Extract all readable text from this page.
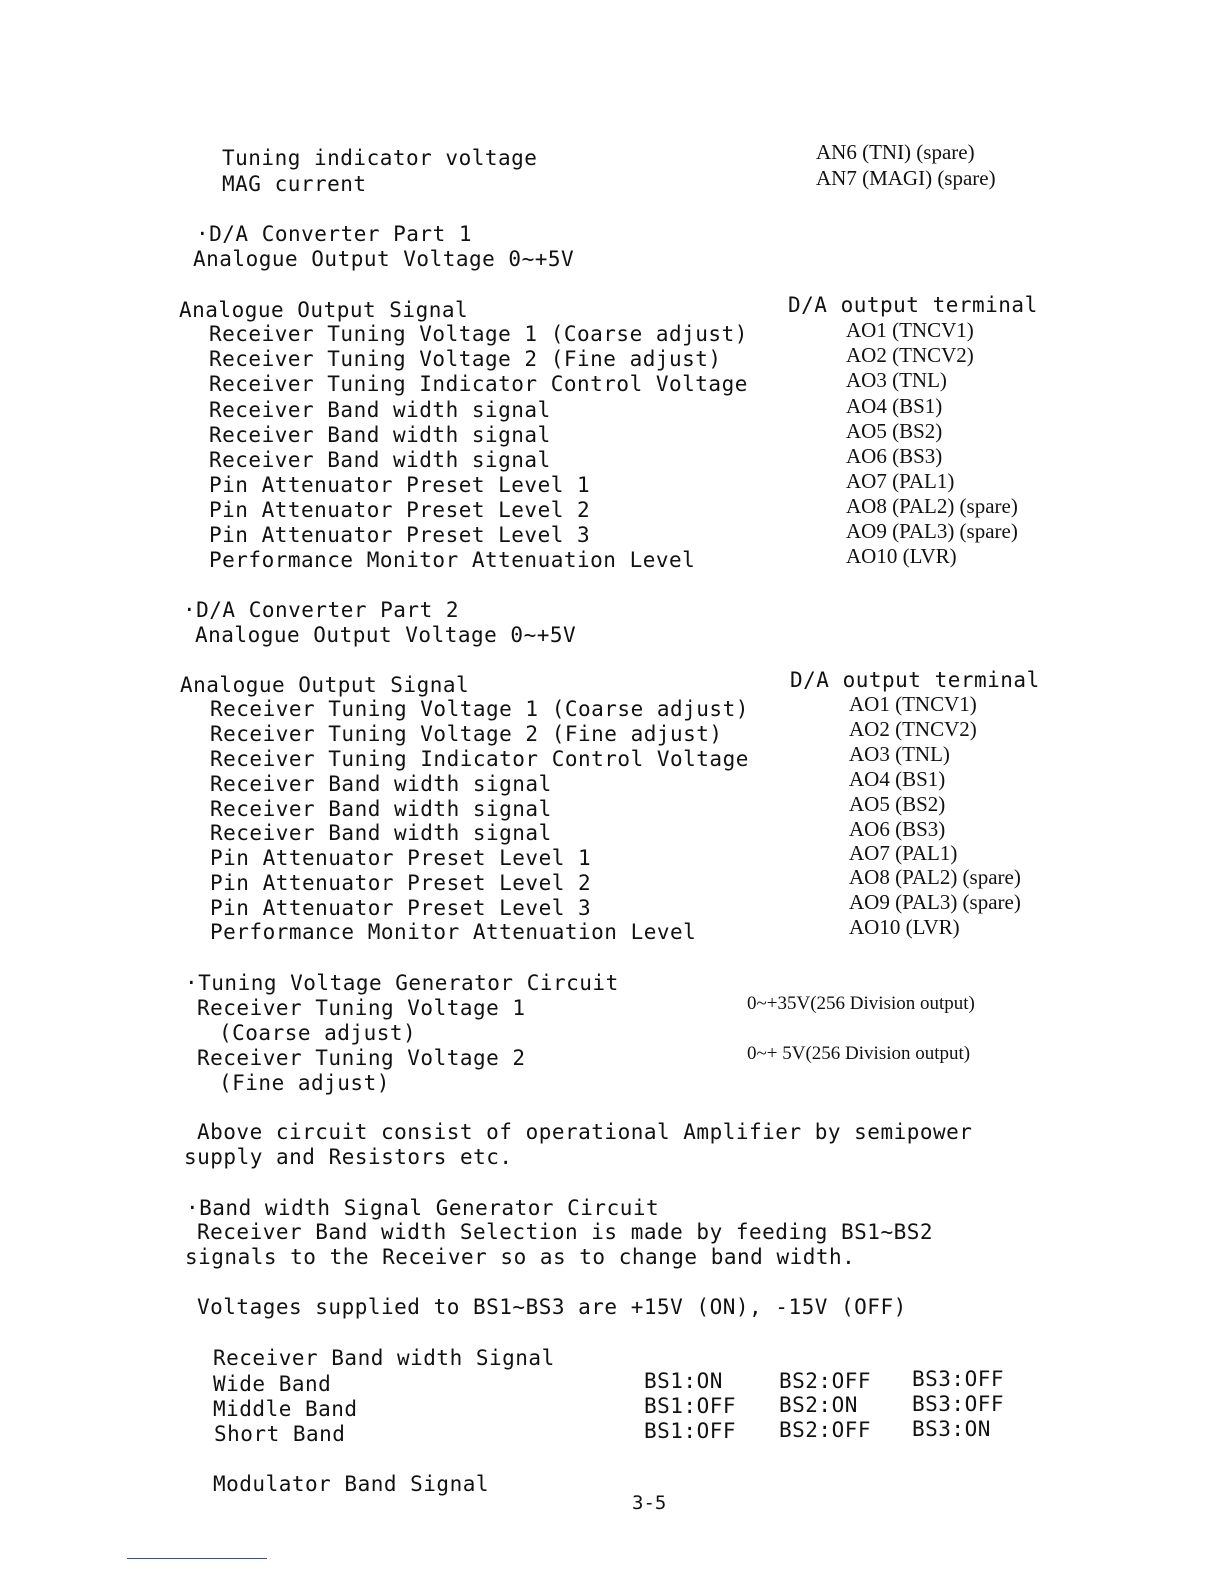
Tuning indicator voltage	AN6 (TNI) (spare)
MAG current	AN7 (MAGI) (spare)
·D/A Converter Part 1
Analogue Output Voltage 0~+5V
Analogue Output Signal	D/A output terminal
Receiver Tuning Voltage 1 (Coarse adjust)	AO1 (TNCV1)
Receiver Tuning Voltage 2 (Fine adjust)	AO2 (TNCV2)
Receiver Tuning Indicator Control Voltage	AO3 (TNL)
Receiver Band width signal	AO4 (BS1)
Receiver Band width signal	AO5 (BS2)
Receiver Band width signal	AO6 (BS3)
Pin Attenuator Preset Level 1	AO7 (PAL1)
Pin Attenuator Preset Level 2	AO8 (PAL2) (spare)
Pin Attenuator Preset Level 3	AO9 (PAL3) (spare)
Performance Monitor Attenuation Level	AO10 (LVR)
·D/A Converter Part 2
Analogue Output Voltage 0~+5V
Analogue Output Signal	D/A output terminal
Receiver Tuning Voltage 1 (Coarse adjust)	AO1 (TNCV1)
Receiver Tuning Voltage 2 (Fine adjust)	AO2 (TNCV2)
Receiver Tuning Indicator Control Voltage	AO3 (TNL)
Receiver Band width signal	AO4 (BS1)
Receiver Band width signal	AO5 (BS2)
Receiver Band width signal	AO6 (BS3)
Pin Attenuator Preset Level 1	AO7 (PAL1)
Pin Attenuator Preset Level 2	AO8 (PAL2) (spare)
Pin Attenuator Preset Level 3	AO9 (PAL3) (spare)
Performance Monitor Attenuation Level	AO10 (LVR)
·Tuning Voltage Generator Circuit
Receiver Tuning Voltage 1	0~+35V(256 Division output)
(Coarse adjust)
Receiver Tuning Voltage 2	0~+ 5V(256 Division output)
(Fine adjust)
Above circuit consist of operational Amplifier by semipower
supply and Resistors etc.
·Band width Signal Generator Circuit
Receiver Band width Selection is made by feeding BS1~BS2
signals to the Receiver so as to change band width.
Voltages supplied to BS1~BS3 are +15V (ON), -15V (OFF)
Receiver Band width Signal
Wide Band	BS1:ON	BS2:OFF BS3:OFF
Middle Band	BS1:OFF BS2:ON	BS3:OFF
Short Band	BS1:OFF BS2:OFF BS3:ON
Modulator Band Signal
3-5
